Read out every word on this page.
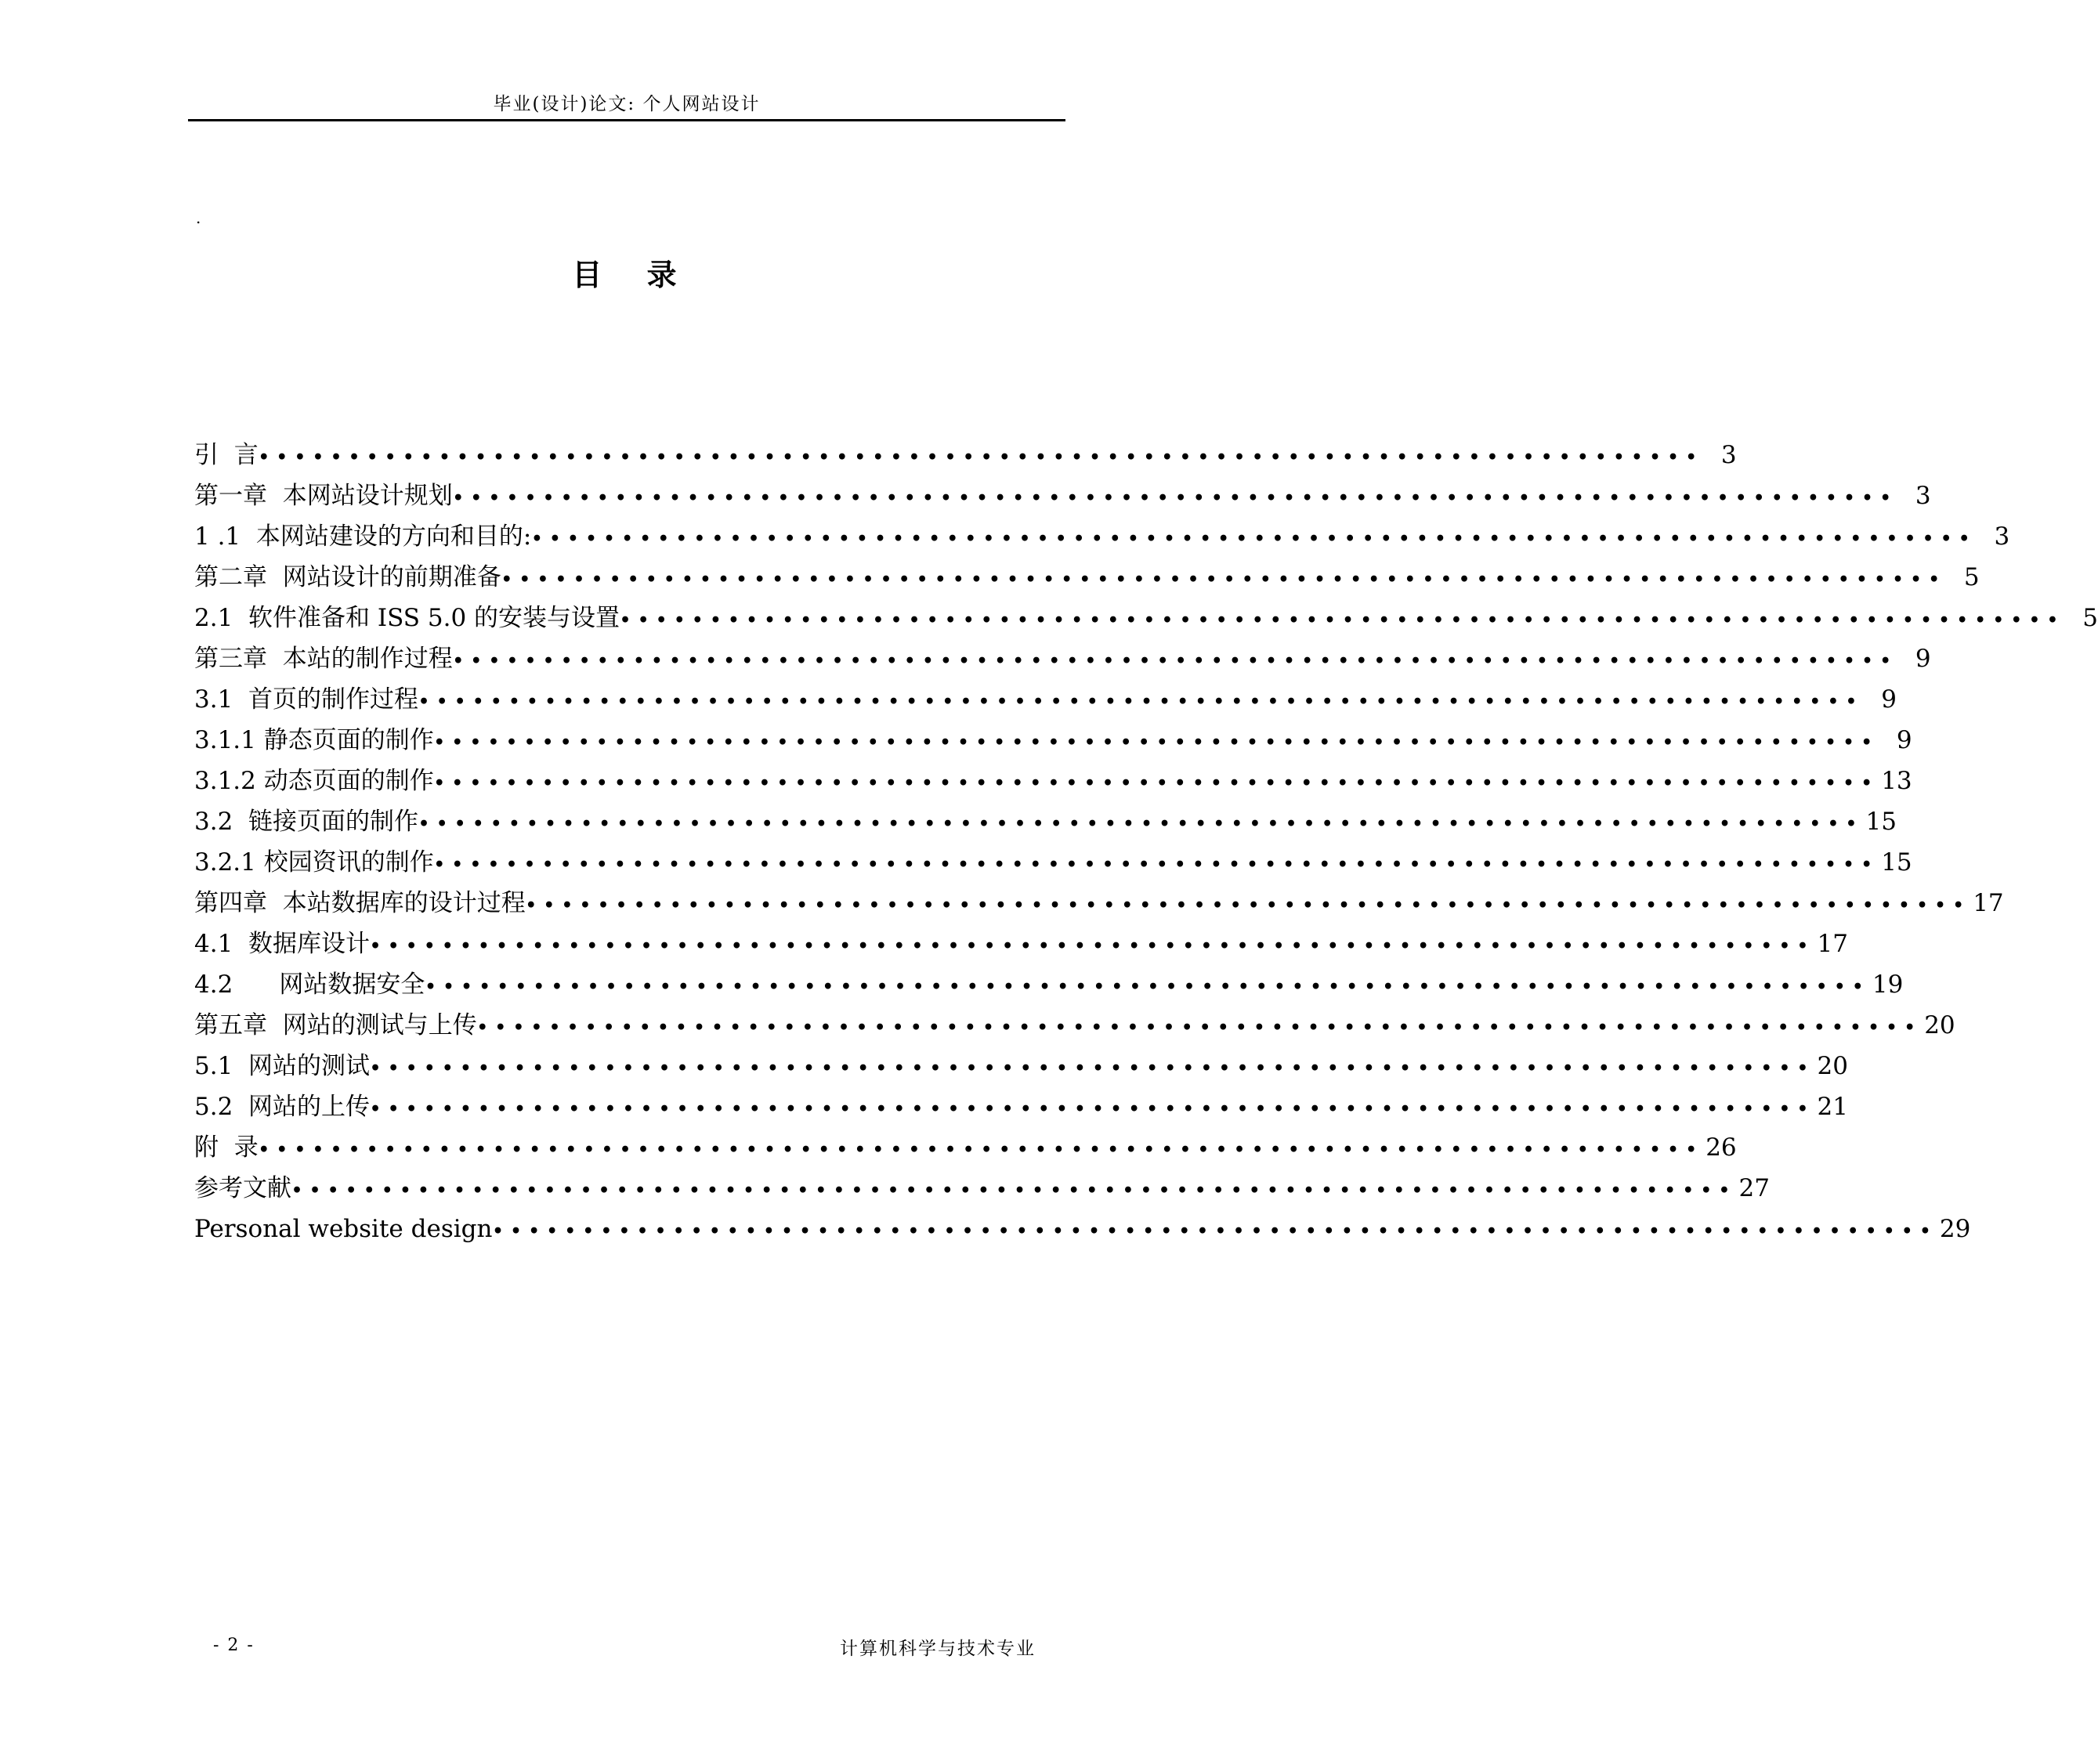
毕业(设计)论文: 个人网站设计
.
目 录
引  言 •••••••••••••••••••••••••••••••••••••••••••••••••••••••••••••••••••••••••••••••• 3
第一章  本网站设计规划 •••••••••••••••••••••••••••••••••••••••••••••••••••••••••••••••••••••••••••••••• 3
1 .1  本网站建设的方向和目的: •••••••••••••••••••••••••••••••••••••••••••••••••••••••••••••••••••••••••••••••• 3
第二章  网站设计的前期准备 •••••••••••••••••••••••••••••••••••••••••••••••••••••••••••••••••••••••••••••••• 5
2.1  软件准备和 ISS 5.0 的安装与设置 •••••••••••••••••••••••••••••••••••••••••••••••••••••••••••••••••••••••••••••••• 5
第三章  本站的制作过程 •••••••••••••••••••••••••••••••••••••••••••••••••••••••••••••••••••••••••••••••• 9
3.1  首页的制作过程 •••••••••••••••••••••••••••••••••••••••••••••••••••••••••••••••••••••••••••••••• 9
3.1.1 静态页面的制作 •••••••••••••••••••••••••••••••••••••••••••••••••••••••••••••••••••••••••••••••• 9
3.1.2 动态页面的制作 •••••••••••••••••••••••••••••••••••••••••••••••••••••••••••••••••••••••••••••••• 13
3.2  链接页面的制作 •••••••••••••••••••••••••••••••••••••••••••••••••••••••••••••••••••••••••••••••• 15
3.2.1 校园资讯的制作 •••••••••••••••••••••••••••••••••••••••••••••••••••••••••••••••••••••••••••••••• 15
第四章  本站数据库的设计过程 •••••••••••••••••••••••••••••••••••••••••••••••••••••••••••••••••••••••••••••••• 17
4.1  数据库设计 •••••••••••••••••••••••••••••••••••••••••••••••••••••••••••••••••••••••••••••••• 17
4.2      网站数据安全 •••••••••••••••••••••••••••••••••••••••••••••••••••••••••••••••••••••••••••••••• 19
第五章  网站的测试与上传 •••••••••••••••••••••••••••••••••••••••••••••••••••••••••••••••••••••••••••••••• 20
5.1  网站的测试 •••••••••••••••••••••••••••••••••••••••••••••••••••••••••••••••••••••••••••••••• 20
5.2  网站的上传 •••••••••••••••••••••••••••••••••••••••••••••••••••••••••••••••••••••••••••••••• 21
附  录 •••••••••••••••••••••••••••••••••••••••••••••••••••••••••••••••••••••••••••••••• 26
参考文献 •••••••••••••••••••••••••••••••••••••••••••••••••••••••••••••••••••••••••••••••• 27
Personal website design •••••••••••••••••••••••••••••••••••••••••••••••••••••••••••••••••••••••••••••••• 29
- 2 -	计算机科学与技术专业
